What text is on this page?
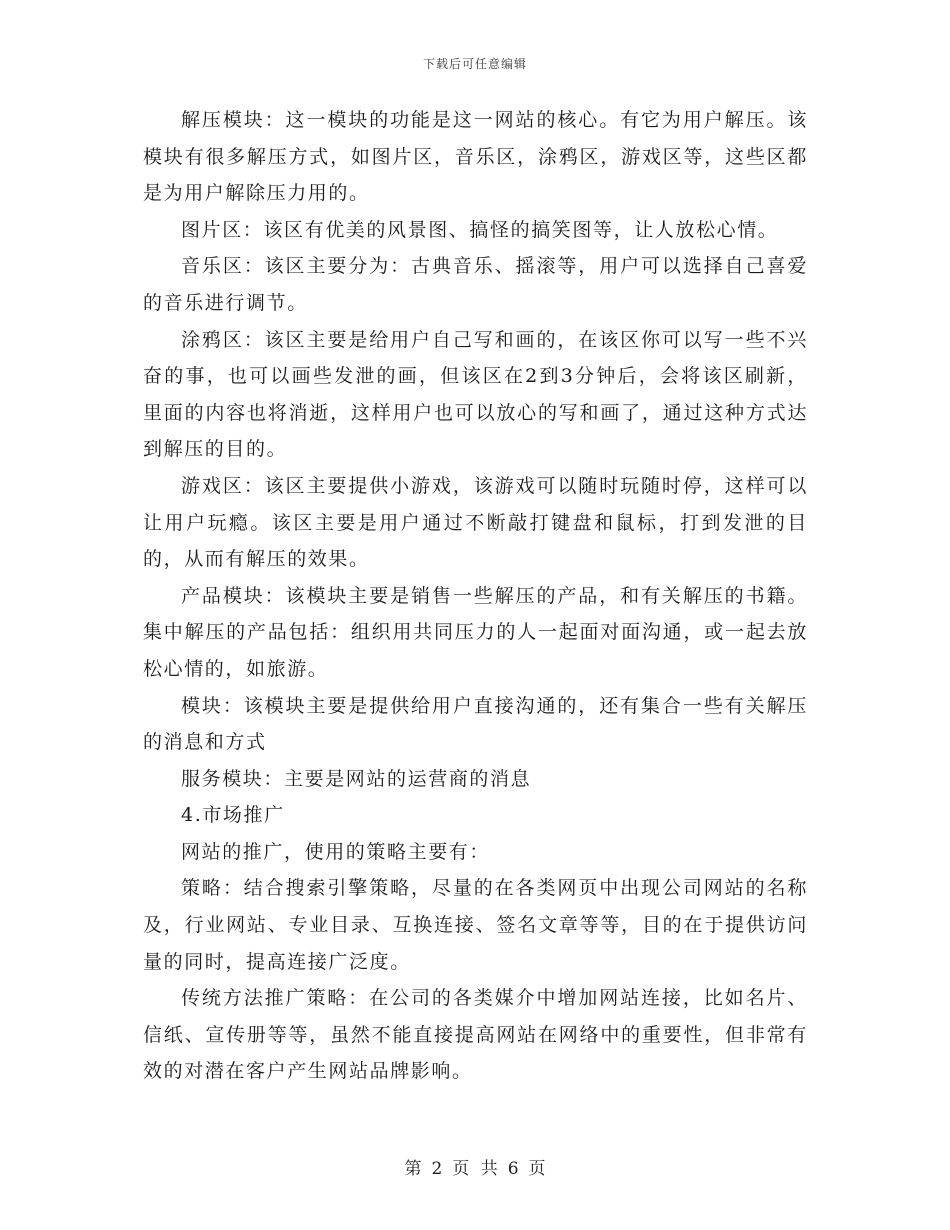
下载后可任意编辑

解压模块：这一模块的功能是这一网站的核心。有它为用户解压。该模块有很多解压方式，如图片区，音乐区，涂鸦区，游戏区等，这些区都是为用户解除压力用的。

图片区：该区有优美的风景图、搞怪的搞笑图等，让人放松心情。

音乐区：该区主要分为：古典音乐、摇滚等，用户可以选择自己喜爱的音乐进行调节。

涂鸦区：该区主要是给用户自己写和画的，在该区你可以写一些不兴奋的事，也可以画些发泄的画，但该区在2到3分钟后，会将该区刷新，里面的内容也将消逝，这样用户也可以放心的写和画了，通过这种方式达到解压的目的。

游戏区：该区主要提供小游戏，该游戏可以随时玩随时停，这样可以让用户玩瘾。该区主要是用户通过不断敲打键盘和鼠标，打到发泄的目的，从而有解压的效果。

产品模块：该模块主要是销售一些解压的产品，和有关解压的书籍。集中解压的产品包括：组织用共同压力的人一起面对面沟通，或一起去放松心情的，如旅游。

模块：该模块主要是提供给用户直接沟通的，还有集合一些有关解压的消息和方式

服务模块：主要是网站的运营商的消息

4.市场推广

网站的推广，使用的策略主要有：

策略：结合搜索引擎策略，尽量的在各类网页中出现公司网站的名称及，行业网站、专业目录、互换连接、签名文章等等，目的在于提供访问量的同时，提高连接广泛度。

传统方法推广策略：在公司的各类媒介中增加网站连接，比如名片、信纸、宣传册等等，虽然不能直接提高网站在网络中的重要性，但非常有效的对潜在客户产生网站品牌影响。

第 2 页 共 6 页
